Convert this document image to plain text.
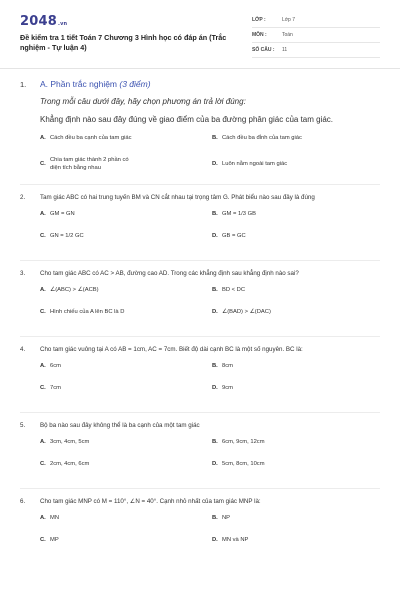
2048.vn
Đề kiểm tra 1 tiết Toán 7 Chương 3 Hình học có đáp án (Trắc nghiệm - Tự luận 4)
LỚP :	Lớp 7
MÔN :	Toán
SỐ CÂU : 11
1. A. Phần trắc nghiệm (3 điểm)
Trong mỗi câu dưới đây, hãy chọn phương án trả lời đúng:
Khẳng định nào sau đây đúng về giao điểm của ba đường phân giác của tam giác.
A. Cách đều ba cạnh của tam giác	B. Cách đều ba đỉnh của tam giác
C.
Chia tam giác thành 2 phần có diện tích bằng nhau
D. Luôn nằm ngoài tam giác
2. Tam giác ABC có hai trung tuyến BM và CN cắt nhau tại trọng tâm G. Phát biểu nào sau đây là đúng
A. GM = GN	B. GM = 1/3 GB
C. GN = 1/2 GC	D. GB = GC
3. Cho tam giác ABC có AC > AB, đường cao AD. Trong các khẳng định sau khẳng định nào sai?
A. ∠(ABC) > ∠(ACB)	B. BD < DC
C. Hình chiếu của A lên BC là D	D. ∠(BAD) > ∠(DAC)
4. Cho tam giác vuông tại A có AB = 1cm, AC = 7cm. Biết độ dài cạnh BC là một số nguyên. BC là:
A. 6cm	B. 8cm
C. 7cm	D. 9cm
5. Bộ ba nào sau đây không thể là ba cạnh của một tam giác
A. 3cm, 4cm, 5cm	B. 6cm, 9cm, 12cm
C. 2cm, 4cm, 6cm	D. 5cm, 8cm, 10cm
6. Cho tam giác MNP có M = 110°, ∠N = 40°. Cạnh nhỏ nhất của tam giác MNP là:
A. MN	B. NP
C. MP	D. MN và NP
